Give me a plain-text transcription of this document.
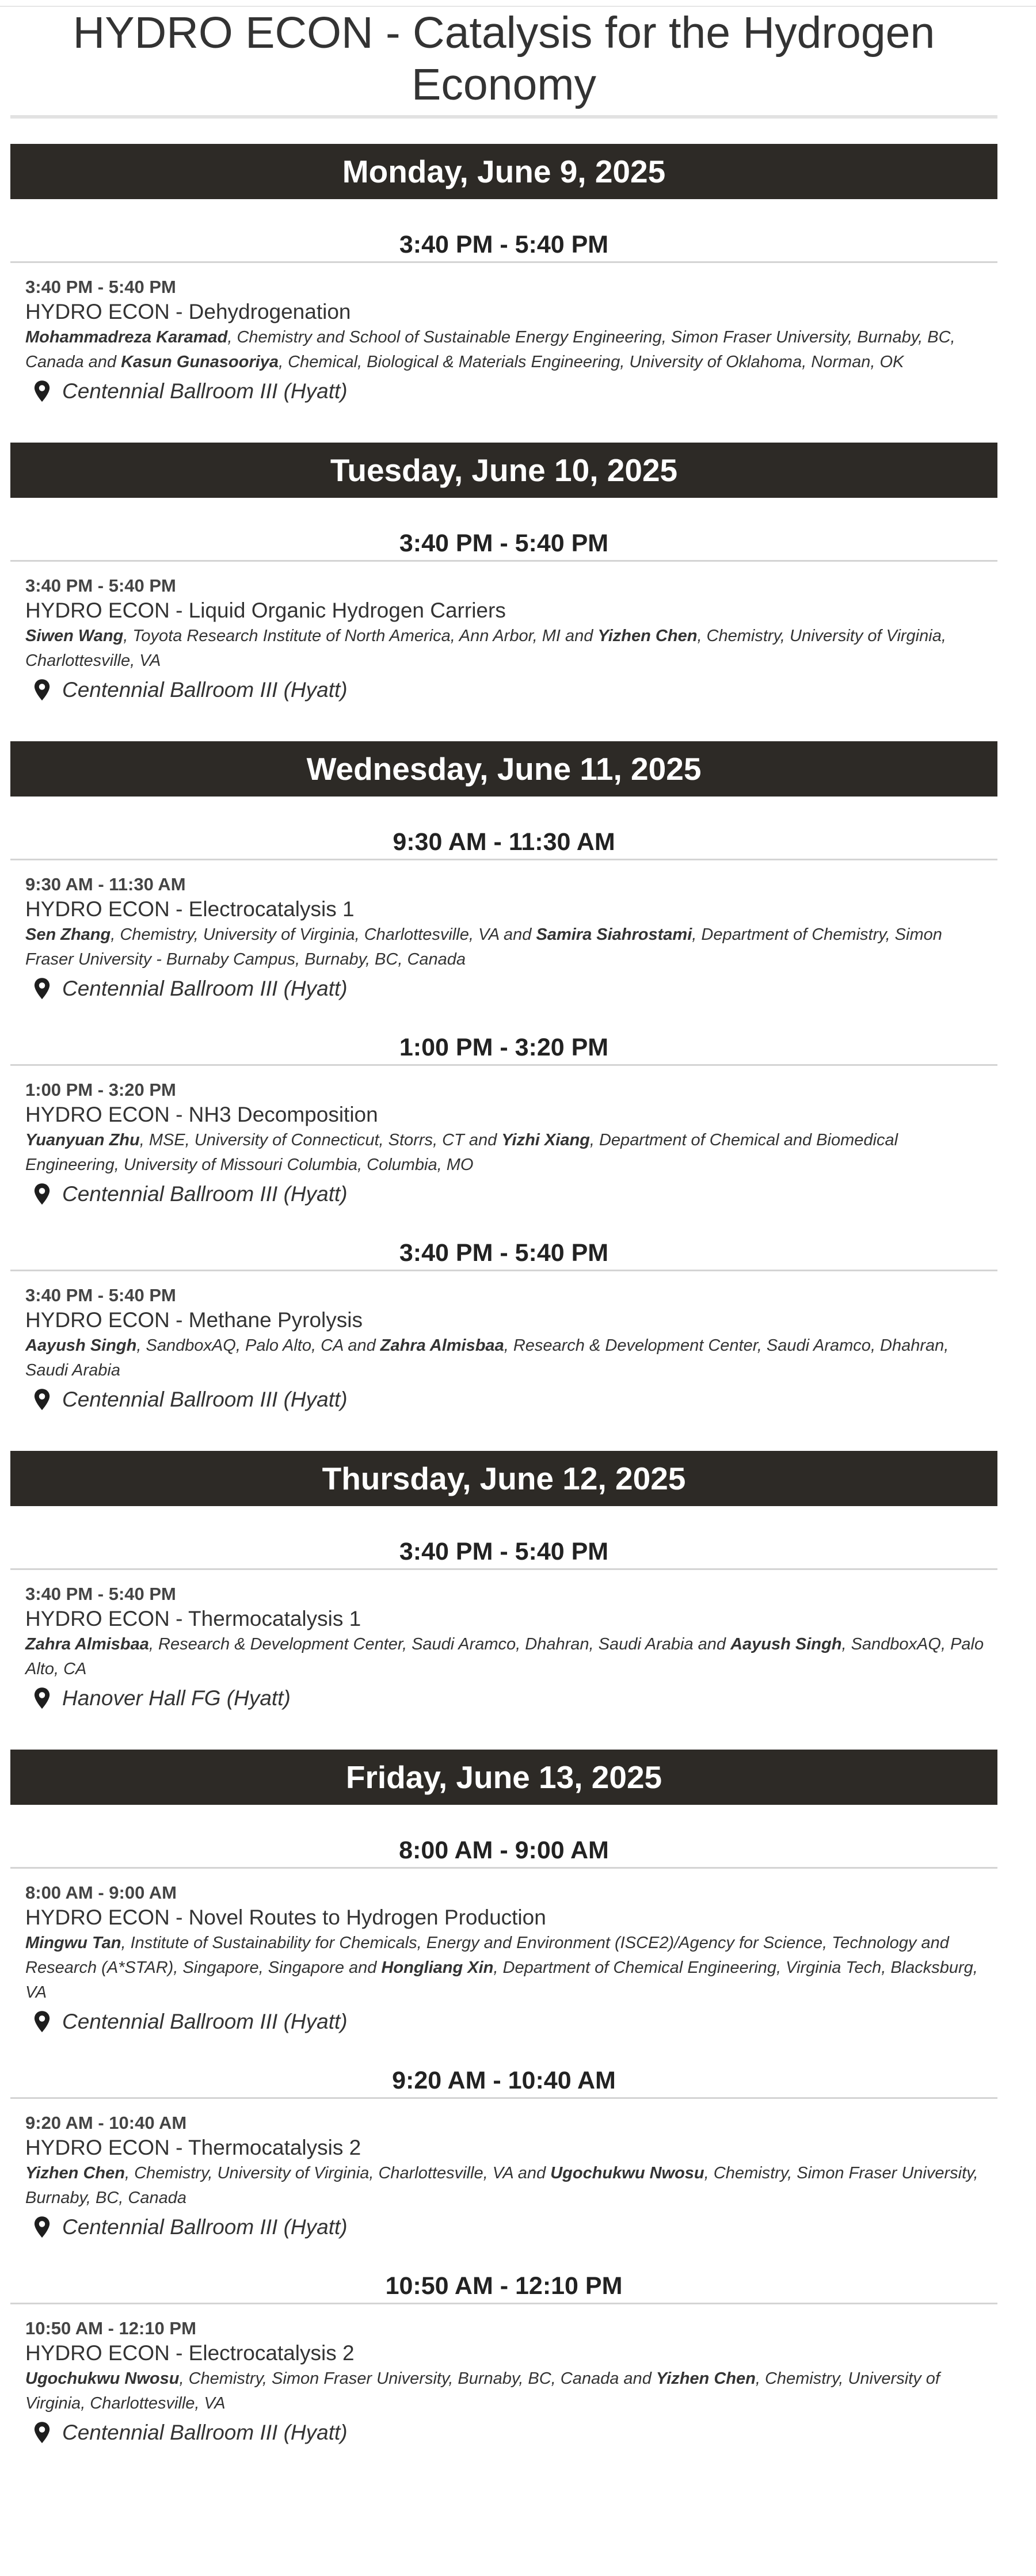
HYDRO ECON - Catalysis for the Hydrogen Economy
Monday, June 9, 2025
3:40 PM - 5:40 PM
3:40 PM - 5:40 PM
HYDRO ECON - Dehydrogenation
Mohammadreza Karamad, Chemistry and School of Sustainable Energy Engineering, Simon Fraser University, Burnaby, BC, Canada and Kasun Gunasooriya, Chemical, Biological & Materials Engineering, University of Oklahoma, Norman, OK
Centennial Ballroom III (Hyatt)
Tuesday, June 10, 2025
3:40 PM - 5:40 PM
3:40 PM - 5:40 PM
HYDRO ECON - Liquid Organic Hydrogen Carriers
Siwen Wang, Toyota Research Institute of North America, Ann Arbor, MI and Yizhen Chen, Chemistry, University of Virginia, Charlottesville, VA
Centennial Ballroom III (Hyatt)
Wednesday, June 11, 2025
9:30 AM - 11:30 AM
9:30 AM - 11:30 AM
HYDRO ECON - Electrocatalysis 1
Sen Zhang, Chemistry, University of Virginia, Charlottesville, VA and Samira Siahrostami, Department of Chemistry, Simon Fraser University - Burnaby Campus, Burnaby, BC, Canada
Centennial Ballroom III (Hyatt)
1:00 PM - 3:20 PM
1:00 PM - 3:20 PM
HYDRO ECON - NH3 Decomposition
Yuanyuan Zhu, MSE, University of Connecticut, Storrs, CT and Yizhi Xiang, Department of Chemical and Biomedical Engineering, University of Missouri Columbia, Columbia, MO
Centennial Ballroom III (Hyatt)
3:40 PM - 5:40 PM
3:40 PM - 5:40 PM
HYDRO ECON - Methane Pyrolysis
Aayush Singh, SandboxAQ, Palo Alto, CA and Zahra Almisbaa, Research & Development Center, Saudi Aramco, Dhahran, Saudi Arabia
Centennial Ballroom III (Hyatt)
Thursday, June 12, 2025
3:40 PM - 5:40 PM
3:40 PM - 5:40 PM
HYDRO ECON - Thermocatalysis 1
Zahra Almisbaa, Research & Development Center, Saudi Aramco, Dhahran, Saudi Arabia and Aayush Singh, SandboxAQ, Palo Alto, CA
Hanover Hall FG (Hyatt)
Friday, June 13, 2025
8:00 AM - 9:00 AM
8:00 AM - 9:00 AM
HYDRO ECON - Novel Routes to Hydrogen Production
Mingwu Tan, Institute of Sustainability for Chemicals, Energy and Environment (ISCE2)/Agency for Science, Technology and Research (A*STAR), Singapore, Singapore and Hongliang Xin, Department of Chemical Engineering, Virginia Tech, Blacksburg, VA
Centennial Ballroom III (Hyatt)
9:20 AM - 10:40 AM
9:20 AM - 10:40 AM
HYDRO ECON - Thermocatalysis 2
Yizhen Chen, Chemistry, University of Virginia, Charlottesville, VA and Ugochukwu Nwosu, Chemistry, Simon Fraser University, Burnaby, BC, Canada
Centennial Ballroom III (Hyatt)
10:50 AM - 12:10 PM
10:50 AM - 12:10 PM
HYDRO ECON - Electrocatalysis 2
Ugochukwu Nwosu, Chemistry, Simon Fraser University, Burnaby, BC, Canada and Yizhen Chen, Chemistry, University of Virginia, Charlottesville, VA
Centennial Ballroom III (Hyatt)
